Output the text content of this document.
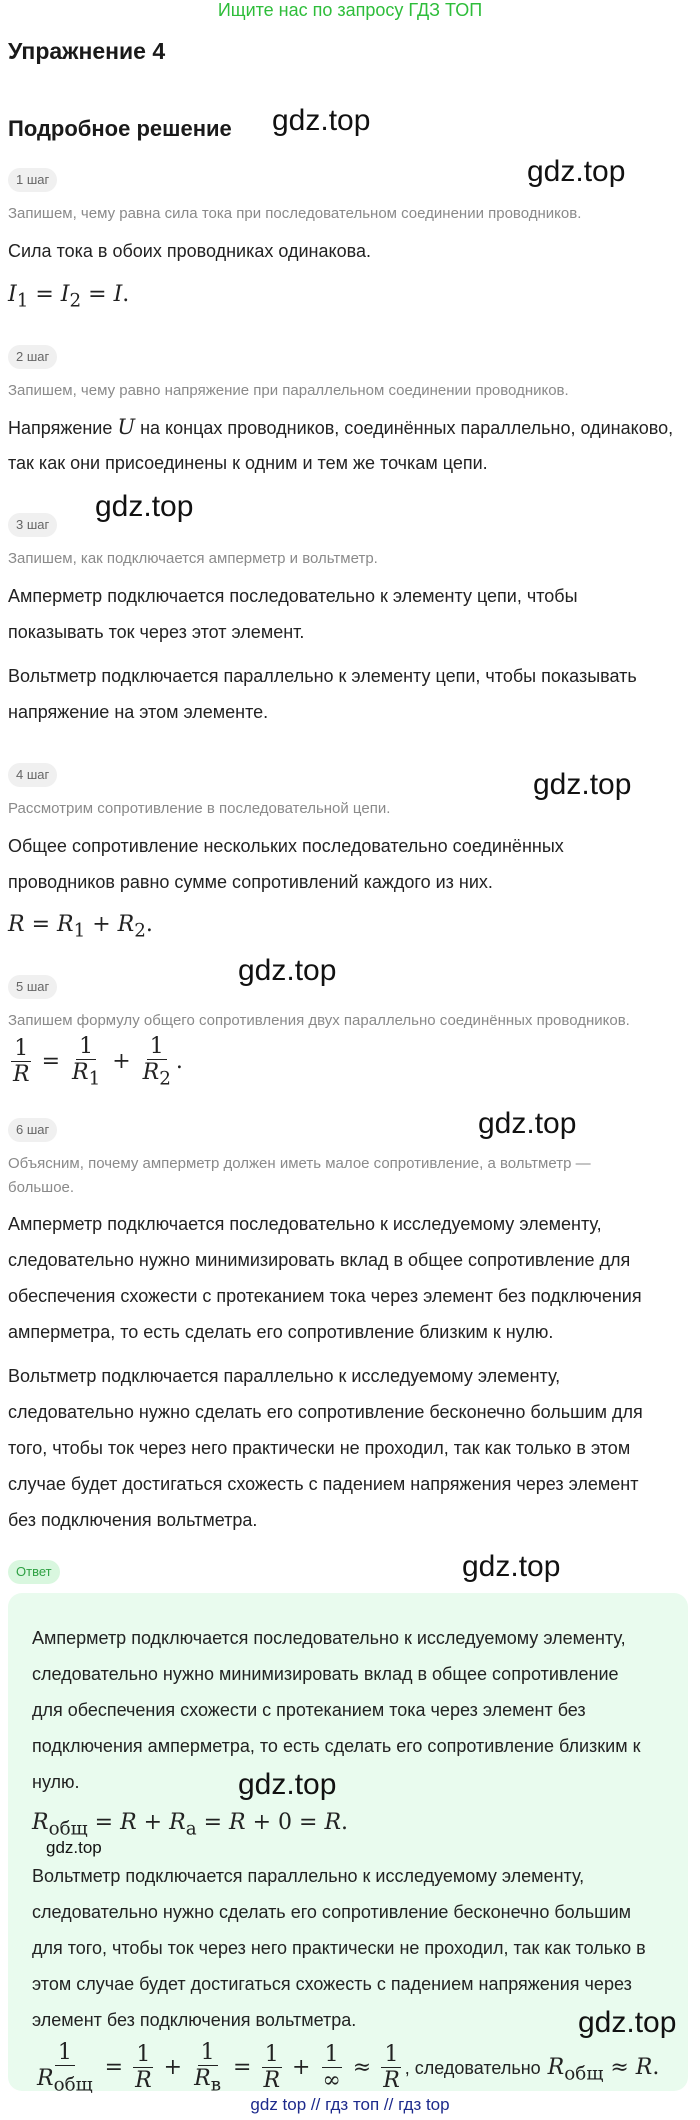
Ищите нас по запросу ГДЗ ТОП
Упражнение 4
Подробное решение gdz.top
gdz.top
gdz.top
gdz.top
gdz.top
gdz.top
gdz.top
1 шаг
Запишем, чему равна сила тока при последовательном соединении проводников.
Сила тока в обоих проводниках одинакова.
$I_1 = I_2 = I$.
2 шаг
Запишем, чему равно напряжение при параллельном соединении проводников.
Напряжение U на концах проводников, соединённых параллельно, одинаково,
так как они присоединены к одним и тем же точкам цепи.
3 шаг
Запишем, как подключается амперметр и вольтметр.
Амперметр подключается последовательно к элементу цепи, чтобы
показывать ток через этот элемент.
Вольтметр подключается параллельно к элементу цепи, чтобы показывать
напряжение на этом элементе.
4 шаг
Рассмотрим сопротивление в последовательной цепи.
Общее сопротивление нескольких последовательно соединённых
проводников равно сумме сопротивлений каждого из них.
$R = R_1 + R_2$.
5 шаг
Запишем формулу общего сопротивления двух параллельно соединённых проводников.
$\frac{1}{R} = \frac{1}{R_1} + \frac{1}{R_2}$ .
6 шаг
Объясним, почему амперметр должен иметь малое сопротивление, а вольтметр —
большое.
Амперметр подключается последовательно к исследуемому элементу,
следовательно нужно минимизировать вклад в общее сопротивление для
обеспечения схожести с протеканием тока через элемент без подключения
амперметра, то есть сделать его сопротивление близким к нулю.
Вольтметр подключается параллельно к исследуемому элементу,
следовательно нужно сделать его сопротивление бесконечно большим для
того, чтобы ток через него практически не проходил, так как только в этом
случае будет достигаться схожесть с падением напряжения через элемент
без подключения вольтметра.
Ответ
Амперметр подключается последовательно к исследуемому элементу,
следовательно нужно минимизировать вклад в общее сопротивление
для обеспечения схожести с протеканием тока через элемент без
подключения амперметра, то есть сделать его сопротивление близким к
нулю.	gdz.top
$R_{общ} = R + R_а = R + 0 = R$.
gdz.top
Вольтметр подключается параллельно к исследуемому элементу,
следовательно нужно сделать его сопротивление бесконечно большим
для того, чтобы ток через него практически не проходил, так как только в
этом случае будет достигаться схожесть с падением напряжения через
элемент без подключения вольтметра.	gdz.top
$\frac{1}{R_{общ}} = \frac{1}{R} + \frac{1}{R_в} = \frac{1}{R} + \frac{1}{\infty} \approx \frac{1}{R}$ , следовательно $R_{общ} \approx R$.
gdz top // гдз топ // гдз top
